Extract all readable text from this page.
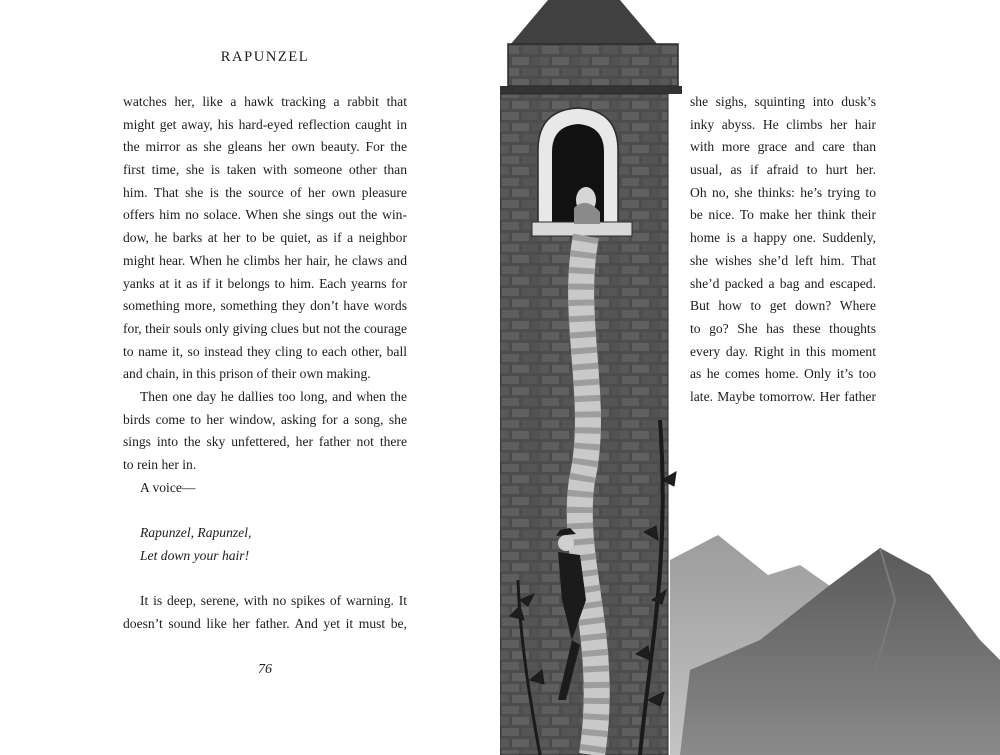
RAPUNZEL
watches her, like a hawk tracking a rabbit that
might get away, his hard-eyed reflection caught in
the mirror as she gleans her own beauty. For the
first time, she is taken with someone other than
him. That she is the source of her own pleasure
offers him no solace. When she sings out the win-
dow, he barks at her to be quiet, as if a neighbor
might hear. When he climbs her hair, he claws and
yanks at it as if it belongs to him. Each yearns for
something more, something they don’t have words
for, their souls only giving clues but not the courage
to name it, so instead they cling to each other, ball
and chain, in this prison of their own making.
Then one day he dallies too long, and when the
birds come to her window, asking for a song, she
sings into the sky unfettered, her father not there
to rein her in.
A voice—
Rapunzel, Rapunzel,
Let down your hair!
It is deep, serene, with no spikes of warning. It
doesn’t sound like her father. And yet it must be,
76
she sighs, squinting into dusk’s
inky abyss. He climbs her hair
with more grace and care than
usual, as if afraid to hurt her.
Oh no, she thinks: he’s trying to
be nice. To make her think their
home is a happy one. Suddenly,
she wishes she’d left him. That
she’d packed a bag and escaped.
But how to get down? Where
to go? She has these thoughts
every day. Right in this moment
as he comes home. Only it’s too
late. Maybe tomorrow. Her father
